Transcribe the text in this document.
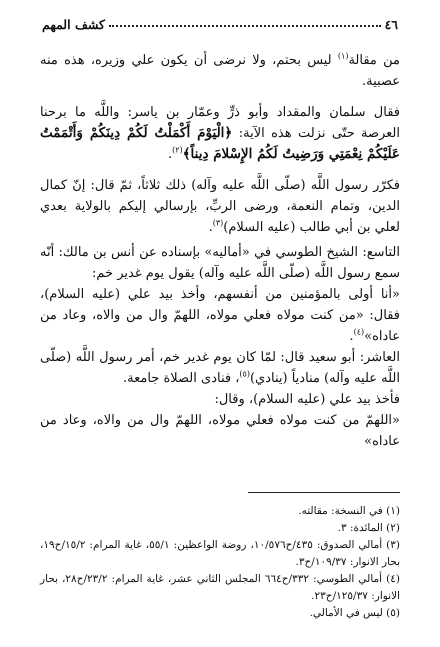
٤٦
كشف المهم

من مقالة$^{(١)}$ ليس بحتم، ولا نرضى أن يكون علي وزيره، هذه منه عصبية.

فقال سلمان والمقداد وأبو ذرٍّ وعمّار بن ياسر: واللَّه ما برحنا العرصة حتّى نزلت هذه الآية: ﴿الْيَوْمَ أَكْمَلْتُ لَكُمْ دِينَكُمْ وَأَتْمَمْتُ عَلَيْكُمْ نِعْمَتِي وَرَضِيتُ لَكُمُ الإِسْلامَ دِيناً﴾$^{(٢)}$.

فكرّر رسول اللَّه (صلّى اللَّه عليه وآله) ذلك ثلاثاً، ثمّ قال: إنّ كمال الدين، وتمام النعمة، ورضى الربِّ، بإرسالي إليكم بالولاية بعدي لعلي بن أبي طالب (عليه السلام)$^{(٣)}$.

التاسع: الشيخ الطوسي في «أماليه» بإسناده عن أنس بن مالك: أنّه سمع رسول اللَّه (صلّى اللَّه عليه وآله) يقول يوم غدير خم:

«أنا أولى بالمؤمنين من أنفسهم، وأخذ بيد علي (عليه السلام)، فقال: «من كنت مولاه فعلي مولاه، اللهمّ وال من والاه، وعاد من عاداه»$^{(٤)}$.

العاشر: أبو سعيد قال: لمّا كان يوم غدير خم، أمر رسول اللَّه (صلّى اللَّه عليه وآله) منادياً (ينادي)$^{(٥)}$، فنادى الصلاة جامعة.

فأخذ بيد علي (عليه السلام)، وقال:

«اللهمّ من كنت مولاه فعلي مولاه، اللهمّ وال من والاه، وعاد من عاداه»

(١) في النسخة: مقالته.

(٢) المائدة: ٣.

(٣) أمالي الصدوق: ٤٣٥/ح١٠/٥٧٦، روضة الواعظين: ٥٥/١، غاية المرام: ١٥/٢/ح١٩، بحار الانوار: ١٠٩/٣٧/ح٣.

(٤) أمالي الطوسي: ٣٣٢/ح٦٦٤ المجلس الثاني عشر، غاية المرام: ٢٣/٢/ح٢٨، بحار الانوار: ١٢٥/٣٧/ح٢٣.

(٥) ليس في الأمالي.
